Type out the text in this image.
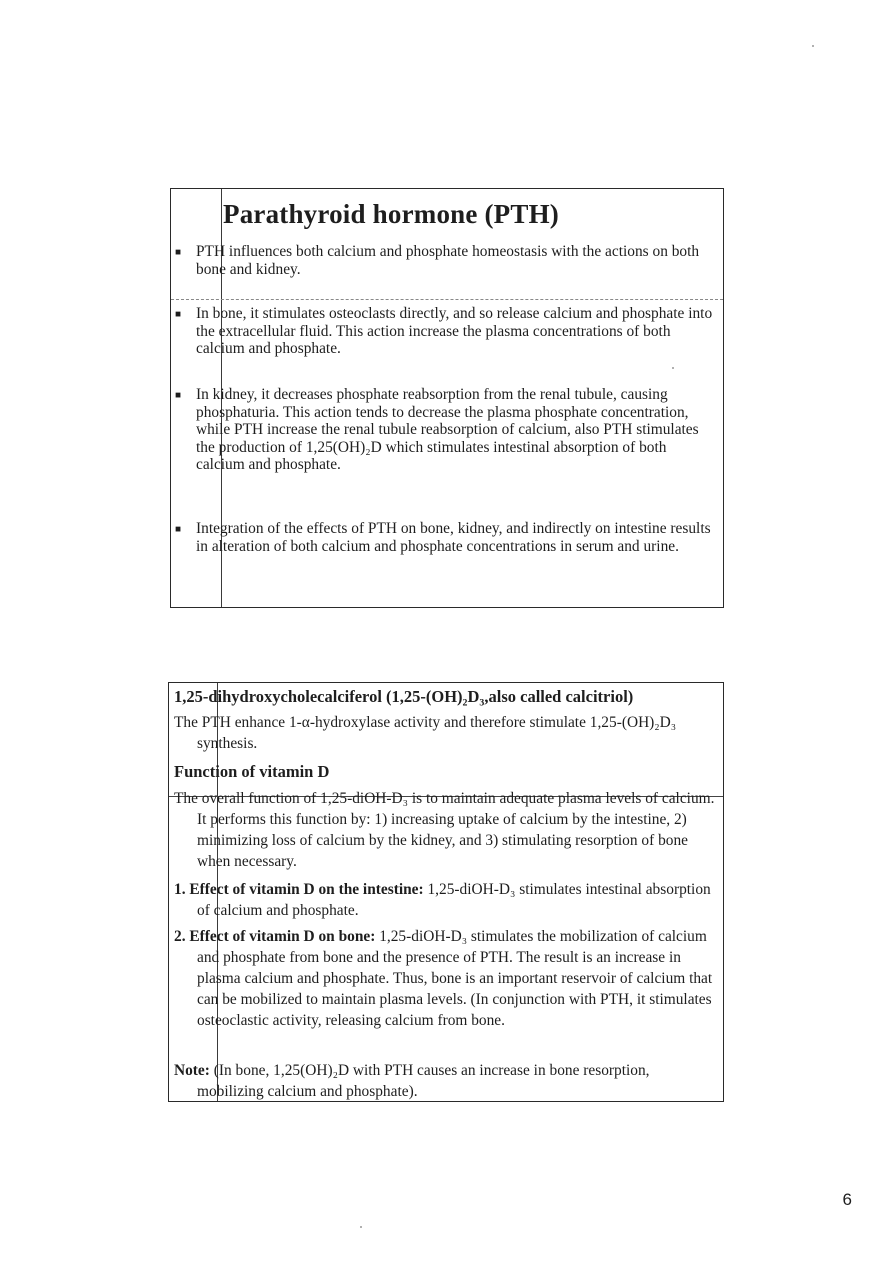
Parathyroid hormone (PTH)
■ PTH influences both calcium and phosphate homeostasis with the actions on both bone and kidney.

■ In bone, it stimulates osteoclasts directly, and so release calcium and phosphate into the extracellular fluid. This action increase the plasma concentrations of both calcium and phosphate.

■ In kidney, it decreases phosphate reabsorption from the renal tubule, causing phosphaturia. This action tends to decrease the plasma phosphate concentration, while PTH increase the renal tubule reabsorption of calcium, also PTH stimulates the production of 1,25(OH)₂D which stimulates intestinal absorption of both calcium and phosphate.

■ Integration of the effects of PTH on bone, kidney, and indirectly on intestine results in alteration of both calcium and phosphate concentrations in serum and urine.

1,25-dihydroxycholecalciferol (1,25-(OH)₂D₃,also called calcitriol)

The PTH enhance 1-α-hydroxylase activity and therefore stimulate 1,25-(OH)₂D₃ synthesis.

Function of vitamin D

The overall function of 1,25-diOH-D₃ is to maintain adequate plasma levels of calcium. It performs this function by: 1) increasing uptake of calcium by the intestine, 2) minimizing loss of calcium by the kidney, and 3) stimulating resorption of bone when necessary.

1. Effect of vitamin D on the intestine: 1,25-diOH-D₃ stimulates intestinal absorption of calcium and phosphate.

2. Effect of vitamin D on bone: 1,25-diOH-D₃ stimulates the mobilization of calcium and phosphate from bone and the presence of PTH. The result is an increase in plasma calcium and phosphate. Thus, bone is an important reservoir of calcium that can be mobilized to maintain plasma levels. (In conjunction with PTH, it stimulates osteoclastic activity, releasing calcium from bone.

Note: (In bone, 1,25(OH)₂D with PTH causes an increase in bone resorption, mobilizing calcium and phosphate).

6
